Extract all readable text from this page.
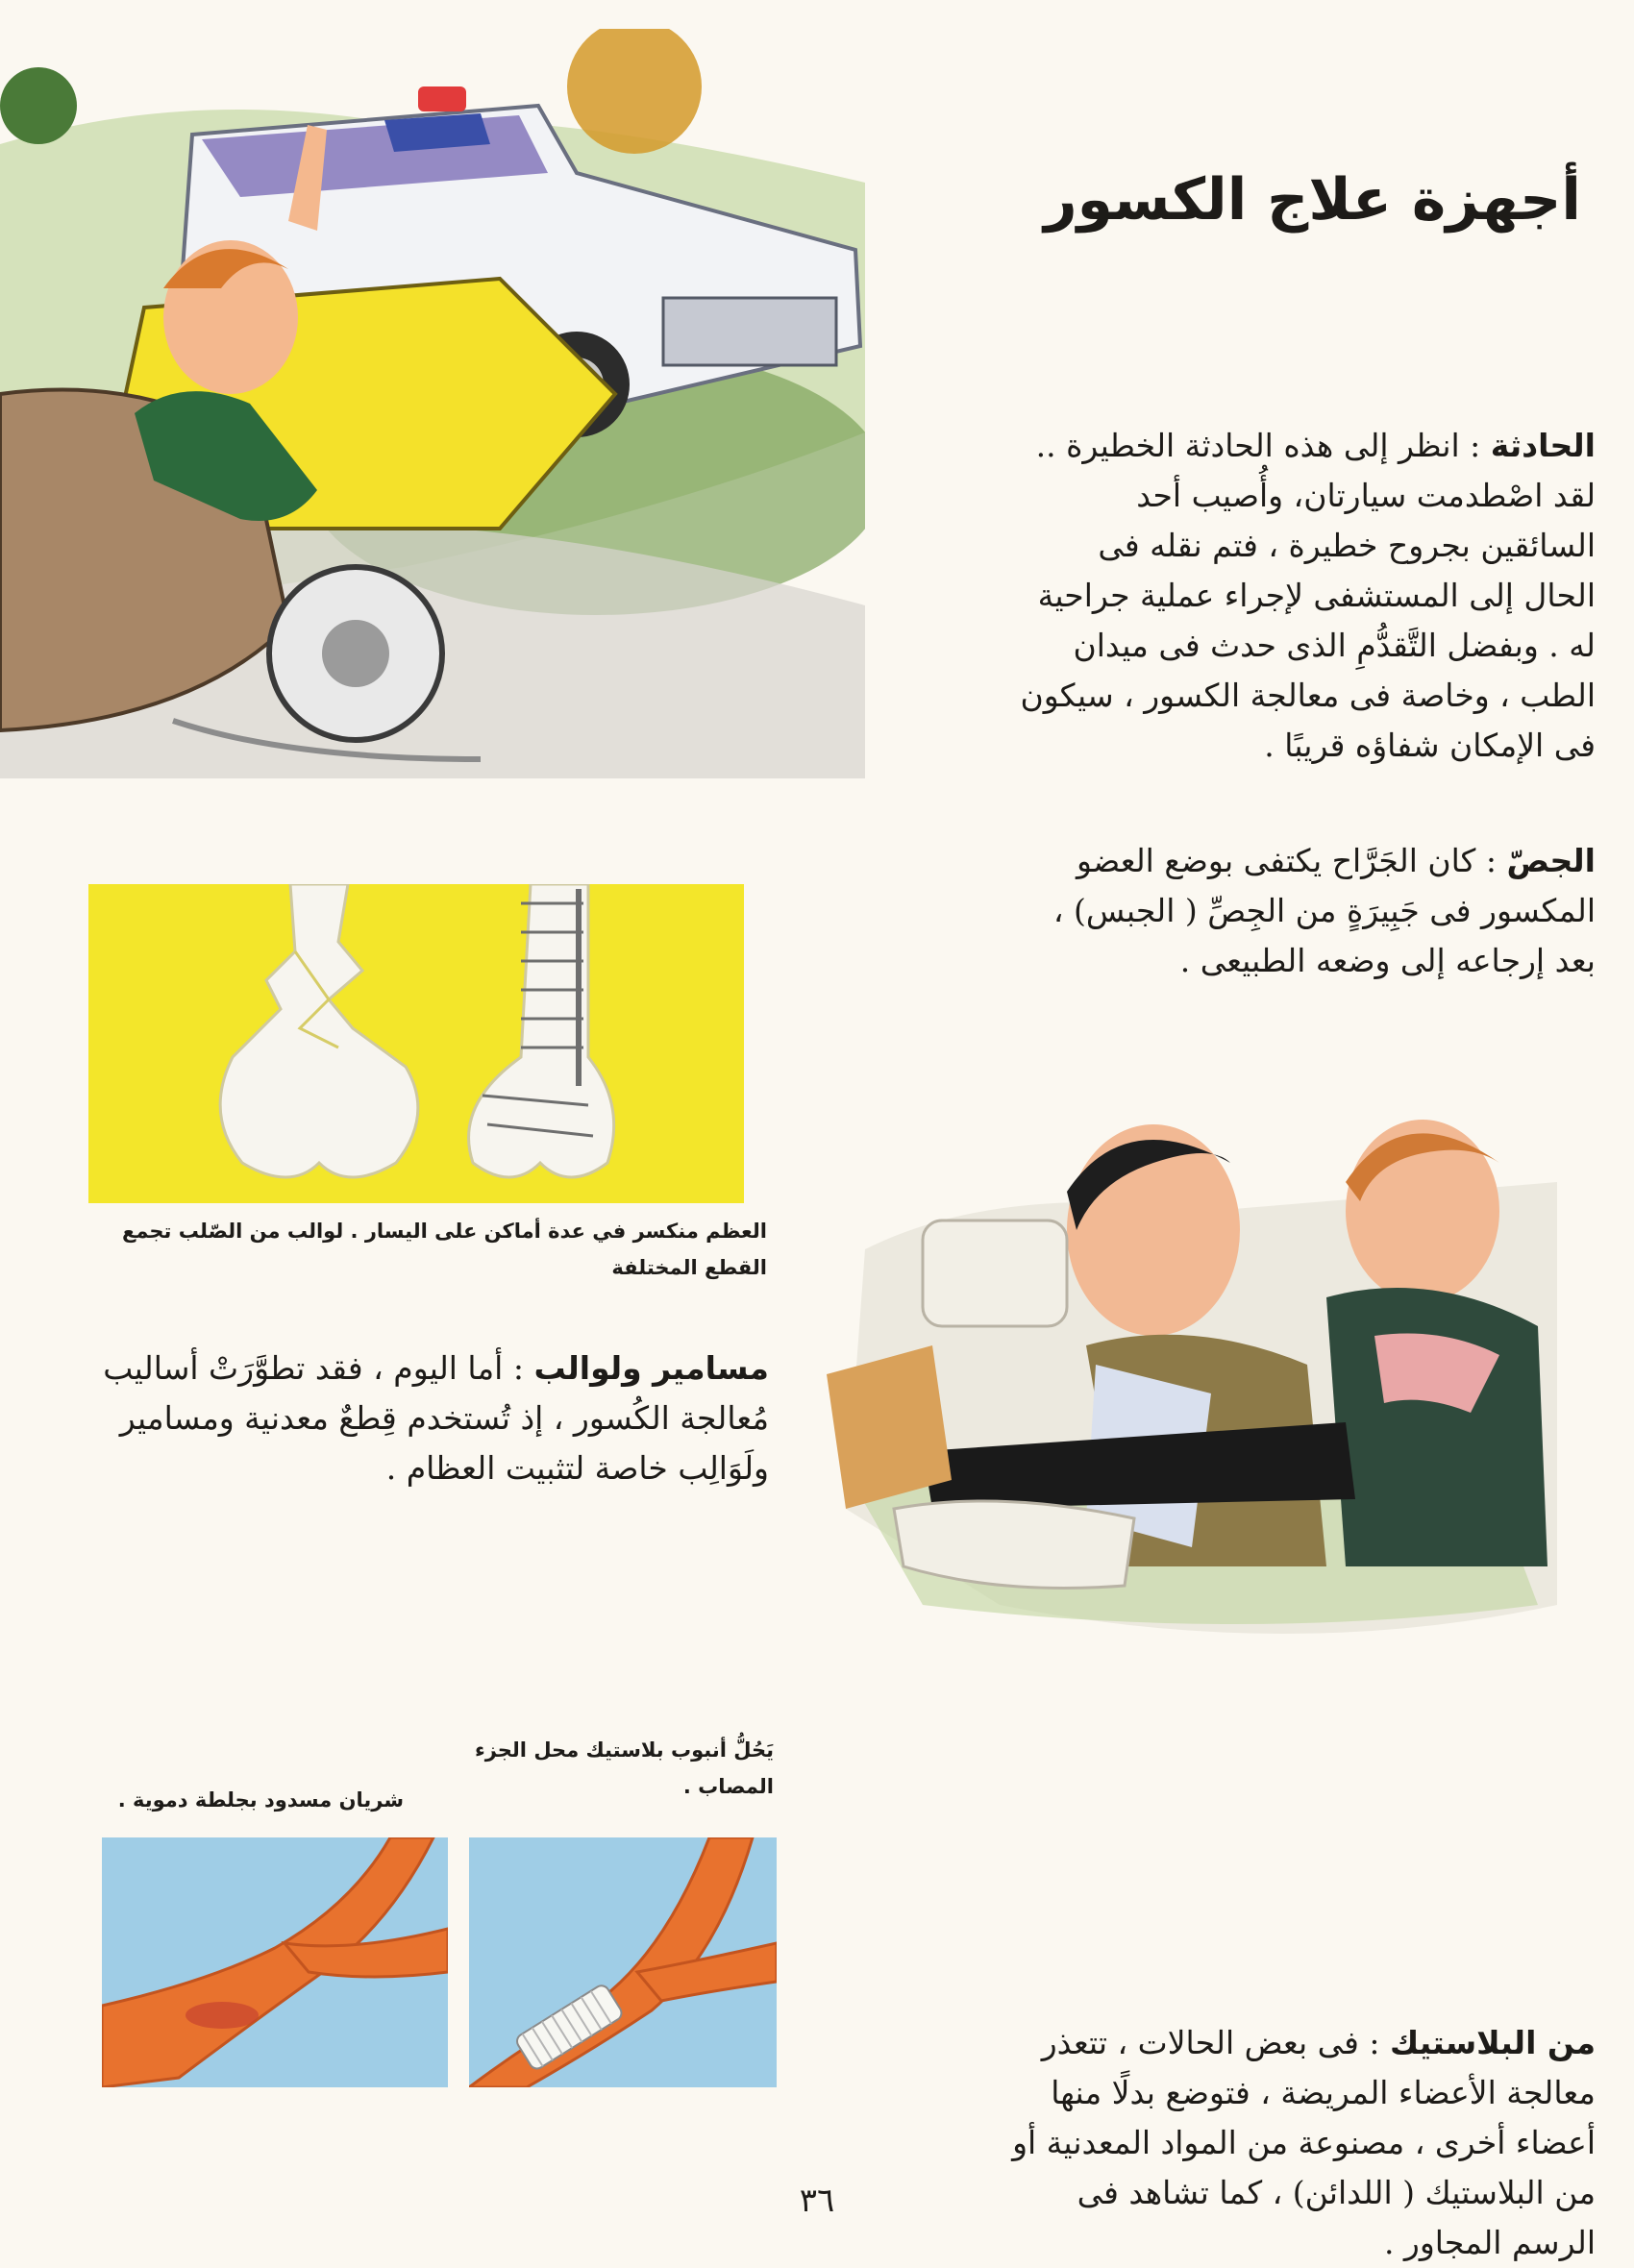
أجهزة علاج الكسور
الحادثة : انظر إلى هذه الحادثة الخطيرة .. لقد اصْطدمت سيارتان، وأُصيب أحد السائقين بجروح خطيرة ، فتم نقله فى الحال إلى المستشفى لإجراء عملية جراحية له . وبفضل التَّقدُّمِ الذى حدث فى ميدان الطب ، وخاصة فى معالجة الكسور ، سيكون فى الإمكان شفاؤه قريبًا .
العظم منكسر في عدة أماكن على اليسار . لوالب من الصّلب تجمع القطع المختلفة
الجصّ : كان الجَرَّاح يكتفى بوضع العضو المكسور فى جَبِيرَةٍ من الجِصِّ ( الجبس) ، بعد إرجاعه إلى وضعه الطبيعى .
مسامير ولوالب : أما اليوم ، فقد تطوَّرَتْ أساليب مُعالجة الكُسور ، إذ تُستخدم قِطعٌ معدنية ومسامير ولَوَالِب خاصة لتثبيت العظام .
يَحُلُّ أنبوب بلاستيك محل الجزء المصاب .
شريان مسدود بجلطة دموية .
من البلاستيك : فى بعض الحالات ، تتعذر معالجة الأعضاء المريضة ، فتوضع بدلًا منها أعضاء أخرى ، مصنوعة من المواد المعدنية أو من البلاستيك ( اللدائن) ، كما تشاهد فى الرسم المجاور .
٣٦
